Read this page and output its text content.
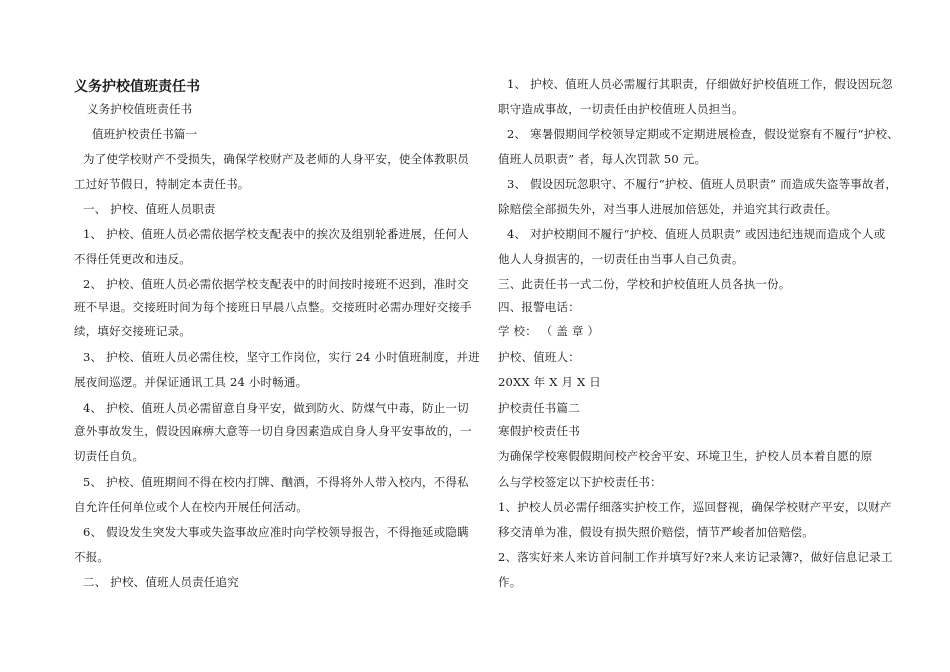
义务护校值班责任书
义务护校值班责任书
值班护校责任书篇一
为了使学校财产不受损失，确保学校财产及老师的人身平安，使全体教职员
工过好节假日，特制定本责任书。
一、 护校、值班人员职责
1、 护校、值班人员必需依据学校支配表中的挨次及组别轮番进展，任何人
不得任凭更改和违反。
2、 护校、值班人员必需依据学校支配表中的时间按时接班不迟到，准时交
班不早退。交接班时间为每个接班日早晨八点整。交接班时必需办理好交接手
续，填好交接班记录。
3、 护校、值班人员必需住校，坚守工作岗位，实行 24 小时值班制度，并进
展夜间巡逻。并保证通讯工具 24 小时畅通。
4、 护校、值班人员必需留意自身平安，做到防火、防煤气中毒，防止一切
意外事故发生，假设因麻痹大意等一切自身因素造成自身人身平安事故的，一
切责任自负。
5、 护校、值班期间不得在校内打牌、酗酒，不得将外人带入校内，不得私
自允许任何单位或个人在校内开展任何活动。
6、 假设发生突发大事或失盗事故应准时向学校领导报告，不得拖延或隐瞒
不报。
二、 护校、值班人员责任追究
1、 护校、值班人员必需履行其职责，仔细做好护校值班工作，假设因玩忽
职守造成事故，一切责任由护校值班人员担当。
2、 寒暑假期间学校领导定期或不定期进展检查，假设觉察有不履行“护校、
值班人员职责” 者，每人次罚款 50 元。
3、 假设因玩忽职守、不履行“护校、值班人员职责” 而造成失盗等事故者，
除赔偿全部损失外，对当事人进展加倍惩处，并追究其行政责任。
4、 对护校期间不履行“护校、值班人员职责” 或因违纪违规而造成个人或
他人人身损害的，一切责任由当事人自己负责。
三、此责任书一式二份，学校和护校值班人员各执一份。
四、报警电话：
学 校： （ 盖 章 ）
护校、值班人：
20XX 年 X 月 X 日
护校责任书篇二
寒假护校责任书
为确保学校寒假假期间校产校舍平安、环境卫生，护校人员本着自愿的原
么与学校签定以下护校责任书：
1、护校人员必需仔细落实护校工作，巡回督视，确保学校财产平安，以财产
移交清单为准，假设有损失照价赔偿，情节严峻者加倍赔偿。
2、落实好来人来访首问制工作并填写好?来人来访记录簿?，做好信息记录工
作。
